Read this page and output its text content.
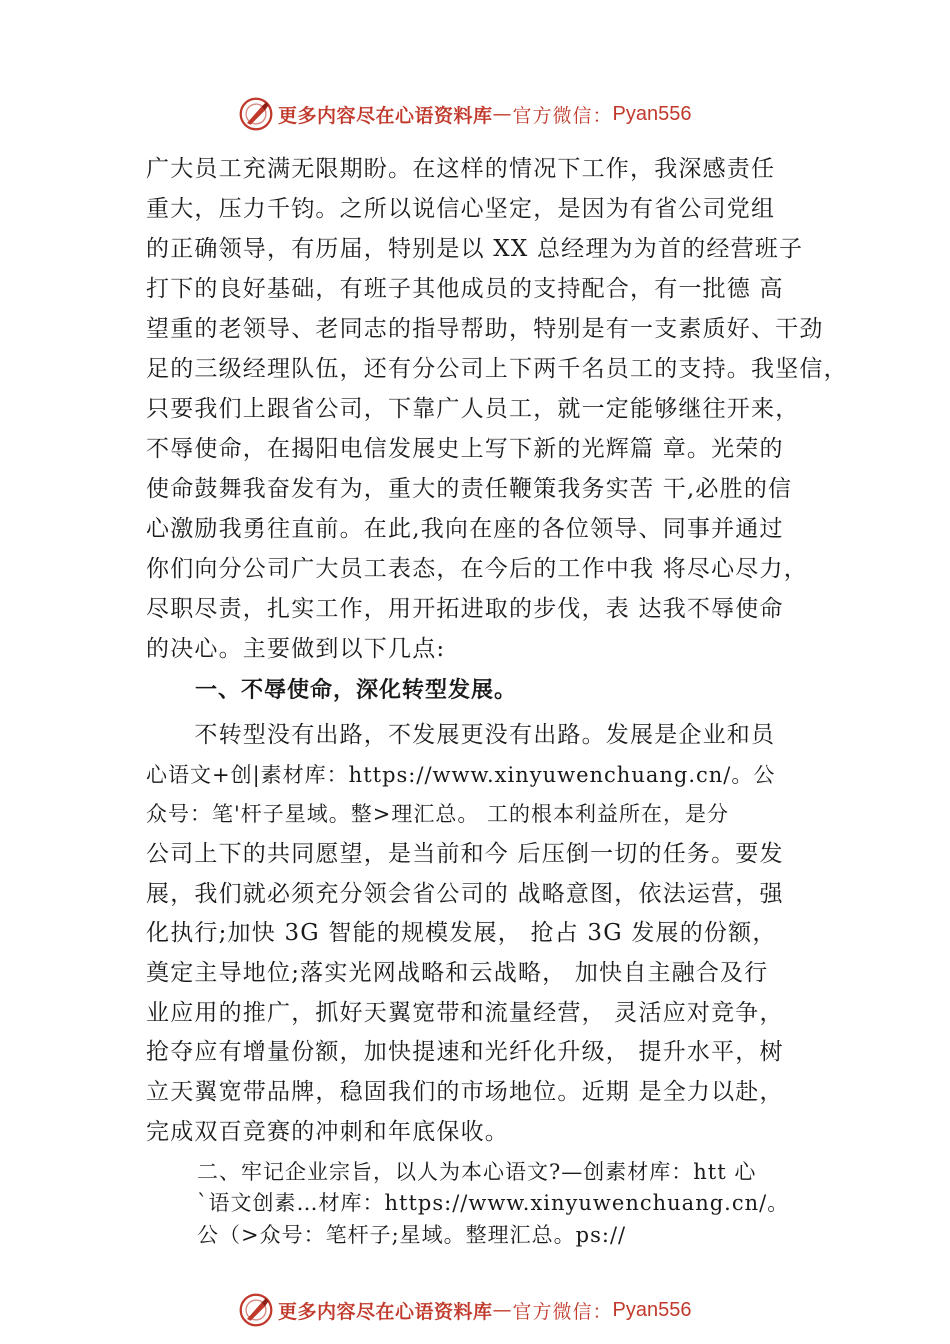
更多内容尽在心语资料库 — 官方微信： Pyan556
广大员工充满无限期盼。在这样的情况下工作，我深感责任
重大，压力千钧。之所以说信心坚定，是因为有省公司党组
的正确领导，有历届，特别是以 XX 总经理为为首的经营班子
打下的良好基础，有班子其他成员的支持配合，有一批德 高
望重的老领导、老同志的指导帮助，特别是有一支素质好、干劲
足的三级经理队伍，还有分公司上下两千名员工的支持。我坚信，
只要我们上跟省公司，下靠广人员工，就一定能够继往开来，
不辱使命，在揭阳电信发展史上写下新的光辉篇 章。光荣的
使命鼓舞我奋发有为，重大的责任鞭策我务实苦 干,必胜的信
心激励我勇往直前。在此,我向在座的各位领导、同事并通过
你们向分公司广大员工表态，在今后的工作中我 将尽心尽力，
尽职尽责，扎实工作，用开拓进取的步伐，表 达我不辱使命
的决心。主要做到以下几点:
一、不辱使命，深化转型发展。
　　不转型没有出路，不发展更没有出路。发展是企业和员
心语文+创|素材库：https://www.xinyuwenchuang.cn/。公
众号：笔'杆子星域。整>理汇总。 工的根本利益所在，是分
公司上下的共同愿望，是当前和今 后压倒一切的任务。要发
展，我们就必须充分领会省公司的 战略意图，依法运营，强
化执行;加快 3G 智能的规模发展， 抢占 3G 发展的份额，
奠定主导地位;落实光网战略和云战略， 加快自主融合及行
业应用的推广，抓好天翼宽带和流量经营， 灵活应对竞争，
抢夺应有增量份额，加快提速和光纤化升级， 提升水平，树
立天翼宽带品牌，稳固我们的市场地位。近期 是全力以赴，
完成双百竞赛的冲刺和年底保收。
二、牢记企业宗旨，以人为本心语文?—创素材库：htt 心
`语文创素…材库：https://www.xinyuwenchuang.cn/。
公（>众号：笔杆子;星域。整理汇总。ps://
更多内容尽在心语资料库 — 官方微信： Pyan556
